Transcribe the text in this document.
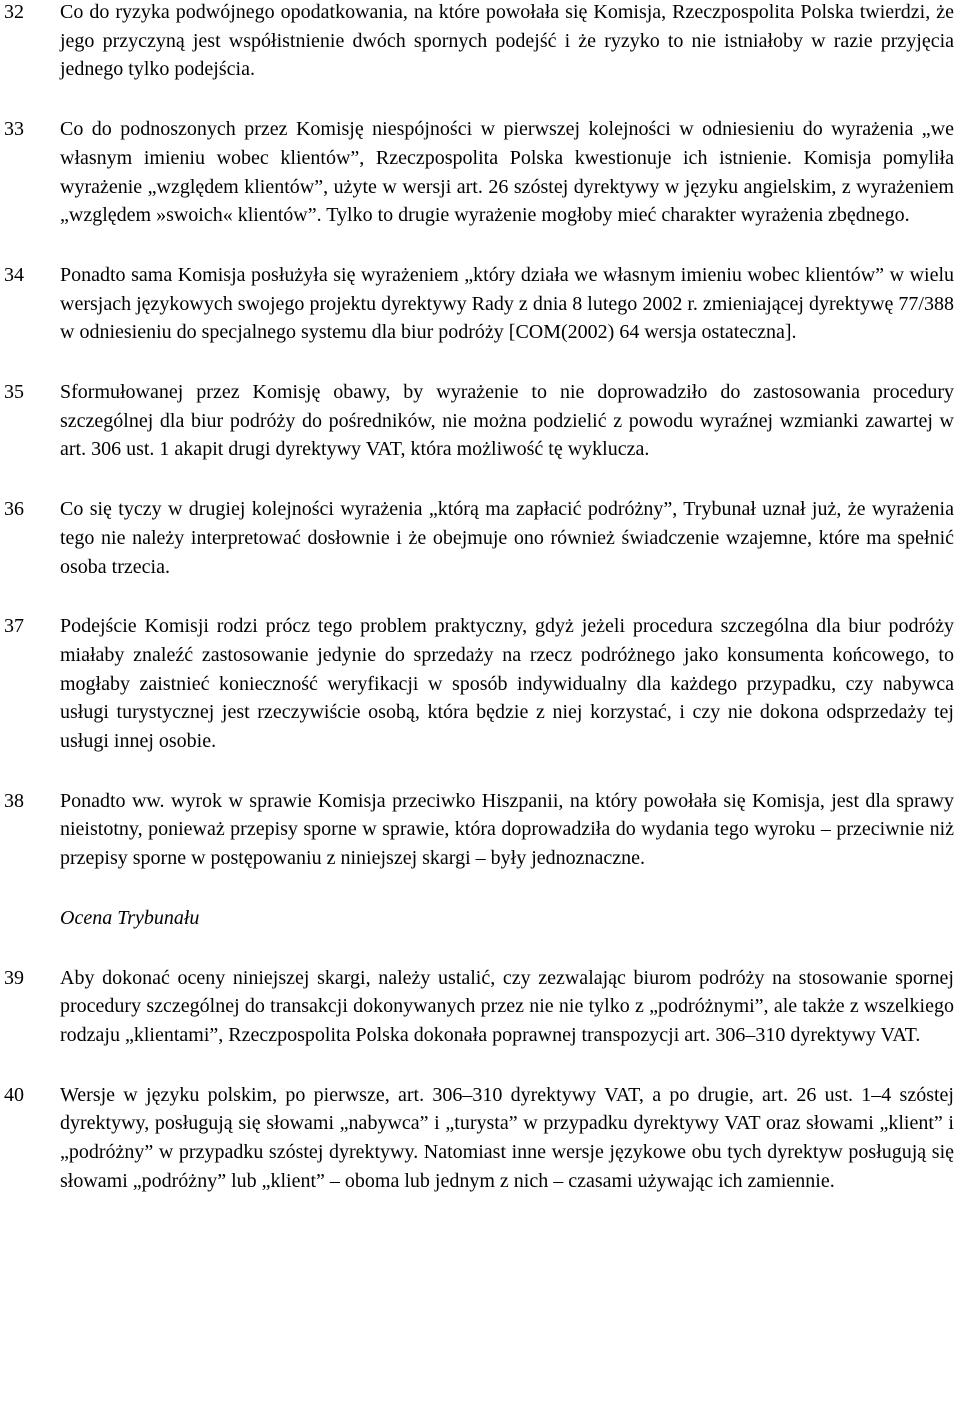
32	Co do ryzyka podwójnego opodatkowania, na które powołała się Komisja, Rzeczpospolita Polska twierdzi, że jego przyczyną jest współistnienie dwóch spornych podejść i że ryzyko to nie istniałoby w razie przyjęcia jednego tylko podejścia.
33	Co do podnoszonych przez Komisję niespójności w pierwszej kolejności w odniesieniu do wyrażenia „we własnym imieniu wobec klientów”, Rzeczpospolita Polska kwestionuje ich istnienie. Komisja pomyliła wyrażenie „względem klientów”, użyte w wersji art. 26 szóstej dyrektywy w języku angielskim, z wyrażeniem „względem »swoich« klientów”. Tylko to drugie wyrażenie mogłoby mieć charakter wyrażenia zbędnego.
34	Ponadto sama Komisja posłużyła się wyrażeniem „który działa we własnym imieniu wobec klientów” w wielu wersjach językowych swojego projektu dyrektywy Rady z dnia 8 lutego 2002 r. zmieniającej dyrektywę 77/388 w odniesieniu do specjalnego systemu dla biur podróży [COM(2002) 64 wersja ostateczna].
35	Sformułowanej przez Komisję obawy, by wyrażenie to nie doprowadziło do zastosowania procedury szczególnej dla biur podróży do pośredników, nie można podzielić z powodu wyraźnej wzmianki zawartej w art. 306 ust. 1 akapit drugi dyrektywy VAT, która możliwość tę wyklucza.
36	Co się tyczy w drugiej kolejności wyrażenia „którą ma zapłacić podróżny”, Trybunał uznał już, że wyrażenia tego nie należy interpretować dosłownie i że obejmuje ono również świadczenie wzajemne, które ma spełnić osoba trzecia.
37	Podejście Komisji rodzi prócz tego problem praktyczny, gdyż jeżeli procedura szczególna dla biur podróży miałaby znaleźć zastosowanie jedynie do sprzedaży na rzecz podróżnego jako konsumenta końcowego, to mogłaby zaistnieć konieczność weryfikacji w sposób indywidualny dla każdego przypadku, czy nabywca usługi turystycznej jest rzeczywiście osobą, która będzie z niej korzystać, i czy nie dokona odsprzedaży tej usługi innej osobie.
38	Ponadto ww. wyrok w sprawie Komisja przeciwko Hiszpanii, na który powołała się Komisja, jest dla sprawy nieistotny, ponieważ przepisy sporne w sprawie, która doprowadziła do wydania tego wyroku – przeciwnie niż przepisy sporne w postępowaniu z niniejszej skargi – były jednoznaczne.
Ocena Trybunału
39	Aby dokonać oceny niniejszej skargi, należy ustalić, czy zezwalając biurom podróży na stosowanie spornej procedury szczególnej do transakcji dokonywanych przez nie nie tylko z „podróżnymi”, ale także z wszelkiego rodzaju „klientami”, Rzeczpospolita Polska dokonała poprawnej transpozycji art. 306–310 dyrektywy VAT.
40	Wersje w języku polskim, po pierwsze, art. 306–310 dyrektywy VAT, a po drugie, art. 26 ust. 1–4 szóstej dyrektywy, posługują się słowami „nabywca” i „turysta” w przypadku dyrektywy VAT oraz słowami „klient” i „podróżny” w przypadku szóstej dyrektywy. Natomiast inne wersje językowe obu tych dyrektyw posługują się słowami „podróżny” lub „klient” – oboma lub jednym z nich – czasami używając ich zamiennie.
